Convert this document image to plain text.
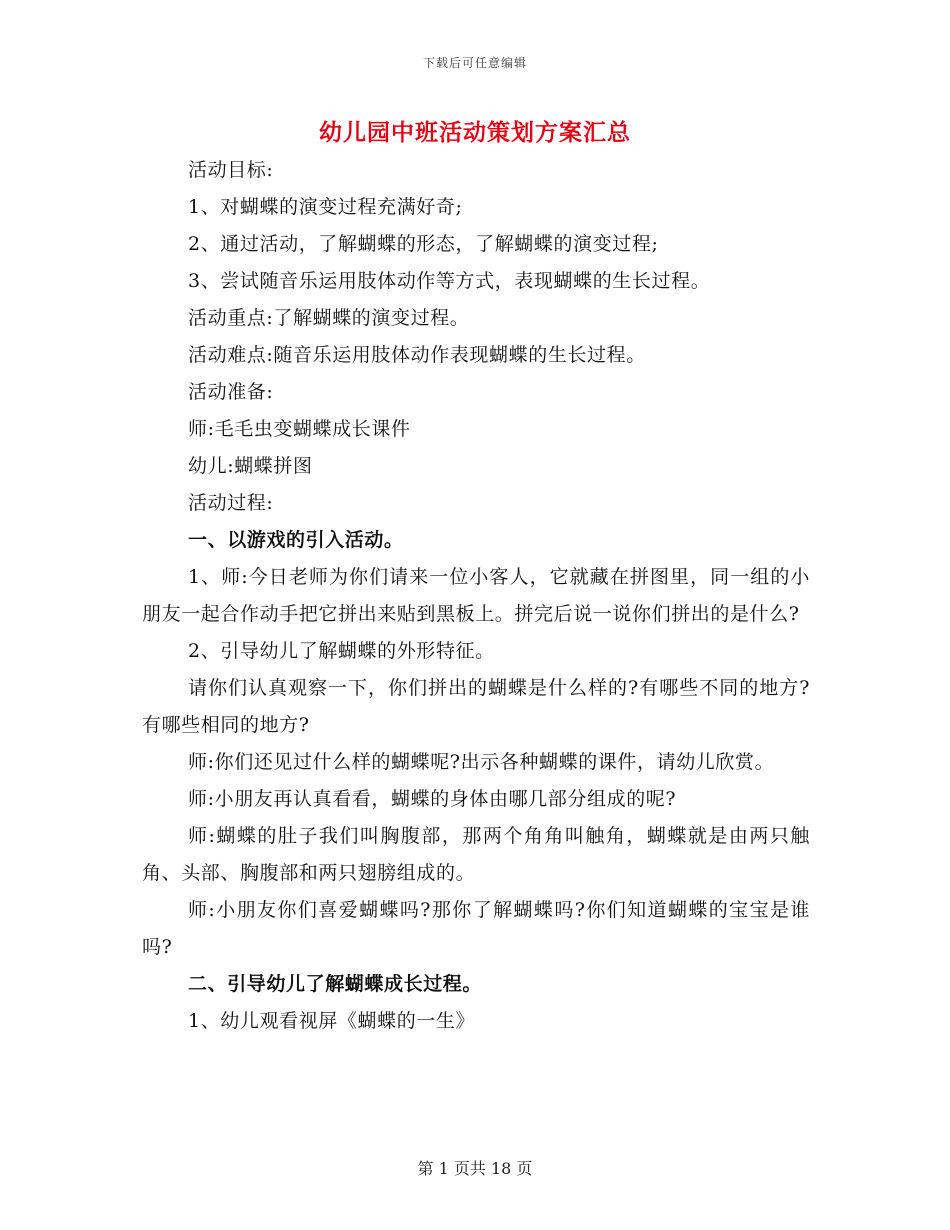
下载后可任意编辑
幼儿园中班活动策划方案汇总

活动目标:

1、对蝴蝶的演变过程充满好奇;

2、通过活动，了解蝴蝶的形态，了解蝴蝶的演变过程;

3、尝试随音乐运用肢体动作等方式，表现蝴蝶的生长过程。

活动重点:了解蝴蝶的演变过程。

活动难点:随音乐运用肢体动作表现蝴蝶的生长过程。

活动准备:

师:毛毛虫变蝴蝶成长课件

幼儿:蝴蝶拼图

活动过程:

一、以游戏的引入活动。

1、师:今日老师为你们请来一位小客人，它就藏在拼图里，同一组的小朋友一起合作动手把它拼出来贴到黑板上。拼完后说一说你们拼出的是什么?

2、引导幼儿了解蝴蝶的外形特征。

请你们认真观察一下，你们拼出的蝴蝶是什么样的?有哪些不同的地方?有哪些相同的地方?

师:你们还见过什么样的蝴蝶呢?出示各种蝴蝶的课件，请幼儿欣赏。

师:小朋友再认真看看，蝴蝶的身体由哪几部分组成的呢?

师:蝴蝶的肚子我们叫胸腹部，那两个角角叫触角，蝴蝶就是由两只触角、头部、胸腹部和两只翅膀组成的。

师:小朋友你们喜爱蝴蝶吗?那你了解蝴蝶吗?你们知道蝴蝶的宝宝是谁吗?

二、引导幼儿了解蝴蝶成长过程。

1、幼儿观看视屏《蝴蝶的一生》

第 1 页共 18 页
